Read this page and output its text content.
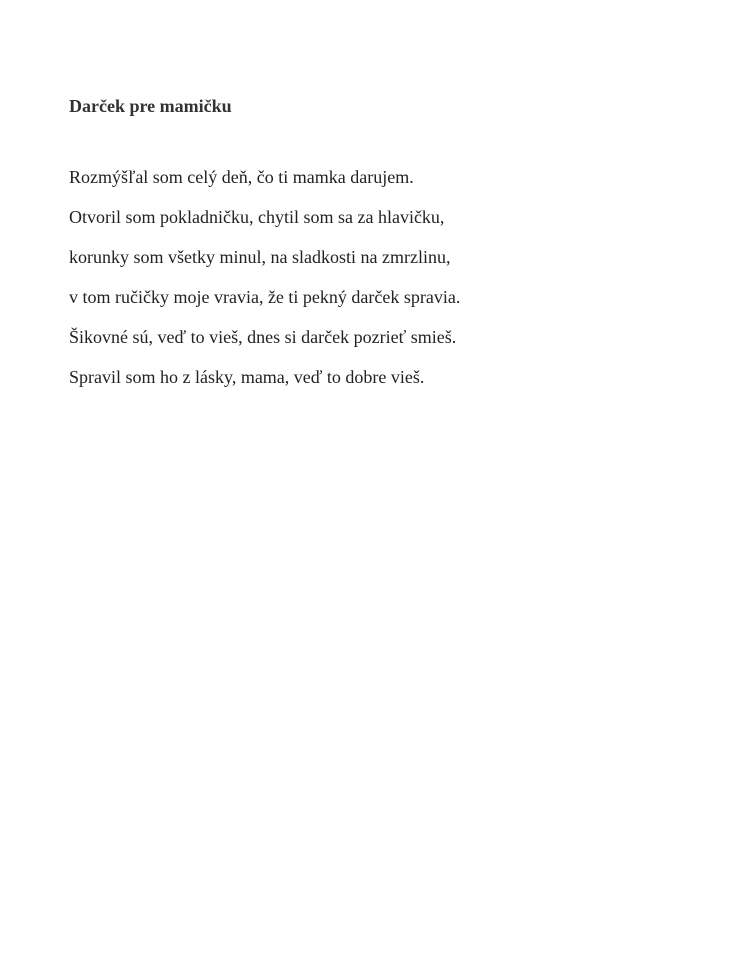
Darček pre mamičku
Rozmýšľal som celý deň, čo ti mamka darujem.
Otvoril som pokladničku, chytil som sa za hlavičku,
korunky som všetky minul, na sladkosti na zmrzlinu,
v tom ručičky moje vravia, že ti pekný darček spravia.
Šikovné sú, veď to vieš, dnes si darček pozrieť smieš.
Spravil som ho z lásky, mama, veď to dobre vieš.
